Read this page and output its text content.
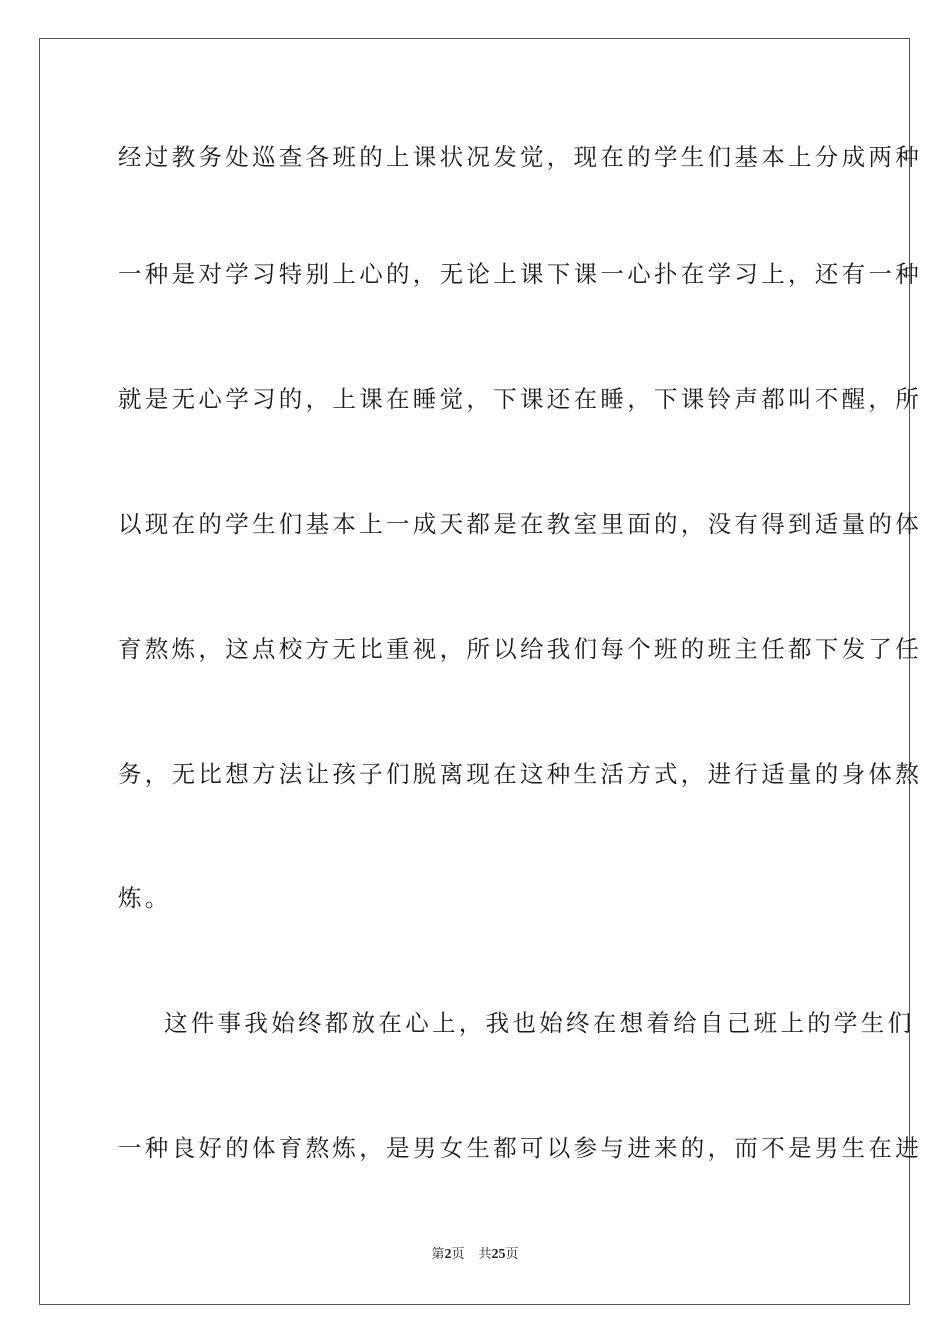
经过教务处巡查各班的上课状况发觉，现在的学生们基本上分成两种
一种是对学习特别上心的，无论上课下课一心扑在学习上，还有一种
就是无心学习的，上课在睡觉，下课还在睡，下课铃声都叫不醒，所
以现在的学生们基本上一成天都是在教室里面的，没有得到适量的体
育熬炼，这点校方无比重视，所以给我们每个班的班主任都下发了任
务，无比想方法让孩子们脱离现在这种生活方式，进行适量的身体熬
炼。
这件事我始终都放在心上，我也始终在想着给自己班上的学生们
一种良好的体育熬炼，是男女生都可以参与进来的，而不是男生在进
第2页 共25页
